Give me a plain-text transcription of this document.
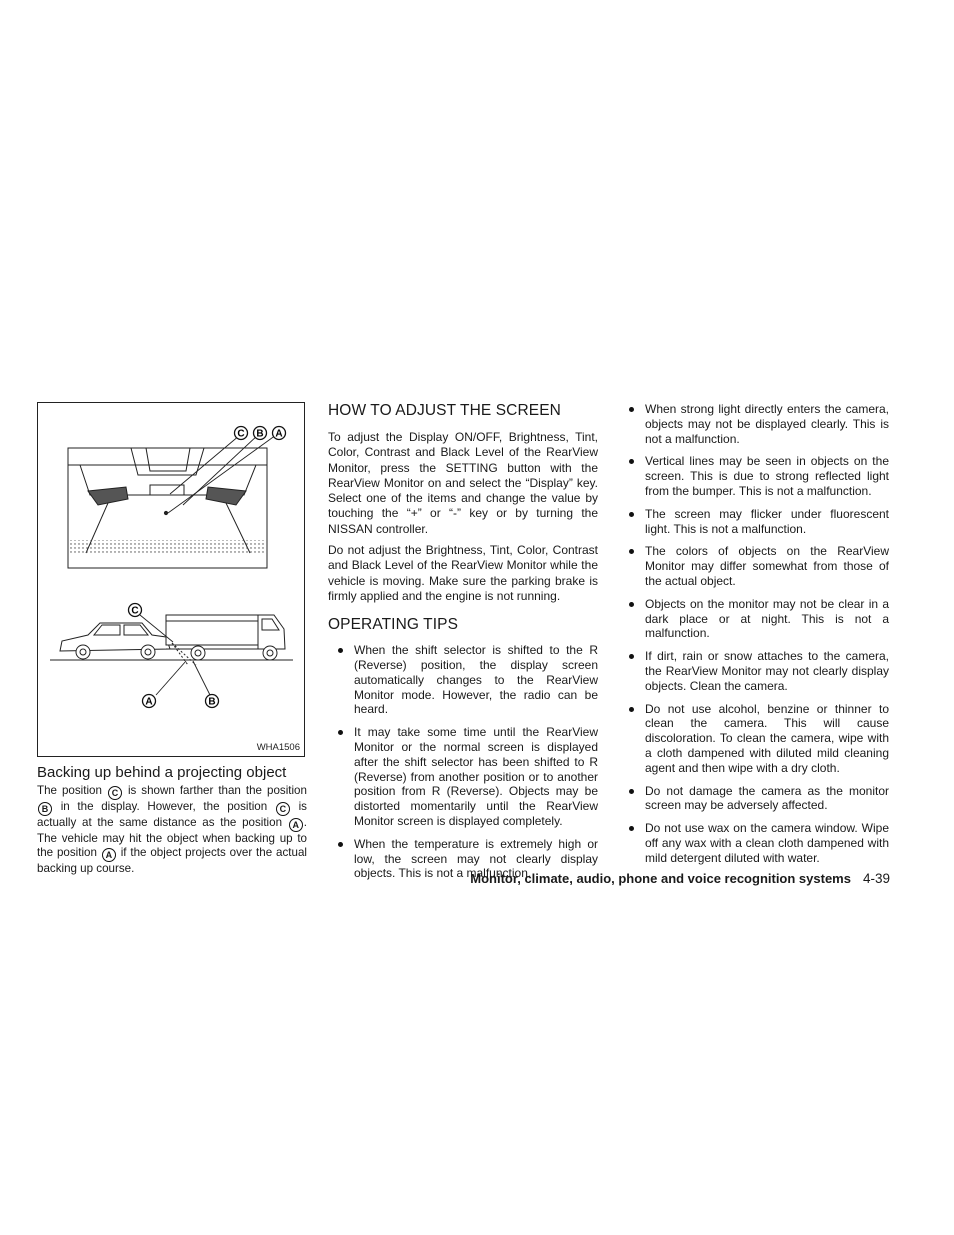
C B A
C
A	B
WHA1506
Backing up behind a projecting object

The position C is shown farther than the position B in the display. However, the position C is actually at the same distance as the position A . The vehicle may hit the object when backing up to the position A if the object projects over the actual backing up course.

HOW TO ADJUST THE SCREEN

To adjust the Display ON/OFF, Brightness, Tint, Color, Contrast and Black Level of the RearView Monitor, press the SETTING button with the RearView Monitor on and select the “Display” key. Select one of the items and change the value by touching the “+” or “-” key or by turning the NISSAN controller.

Do not adjust the Brightness, Tint, Color, Contrast and Black Level of the RearView Monitor while the vehicle is moving. Make sure the parking brake is firmly applied and the engine is not running.

OPERATING TIPS
When the shift selector is shifted to the R (Reverse) position, the display screen automatically changes to the RearView Monitor mode. However, the radio can be heard.
It may take some time until the RearView Monitor or the normal screen is displayed after the shift selector has been shifted to R (Reverse) from another position or to another position from R (Reverse). Objects may be distorted momentarily until the RearView Monitor screen is displayed completely.
When the temperature is extremely high or low, the screen may not clearly display objects. This is not a malfunction.
When strong light directly enters the camera, objects may not be displayed clearly. This is not a malfunction.
Vertical lines may be seen in objects on the screen. This is due to strong reflected light from the bumper. This is not a malfunction.
The screen may flicker under fluorescent light. This is not a malfunction.
The colors of objects on the RearView Monitor may differ somewhat from those of the actual object.
Objects on the monitor may not be clear in a dark place or at night. This is not a malfunction.
If dirt, rain or snow attaches to the camera, the RearView Monitor may not clearly display objects. Clean the camera.
Do not use alcohol, benzine or thinner to clean the camera. This will cause discoloration. To clean the camera, wipe with a cloth dampened with diluted mild cleaning agent and then wipe with a dry cloth.
Do not damage the camera as the monitor screen may be adversely affected.
Do not use wax on the camera window. Wipe off any wax with a clean cloth dampened with mild detergent diluted with water.
Monitor, climate, audio, phone and voice recognition systems 4-39
